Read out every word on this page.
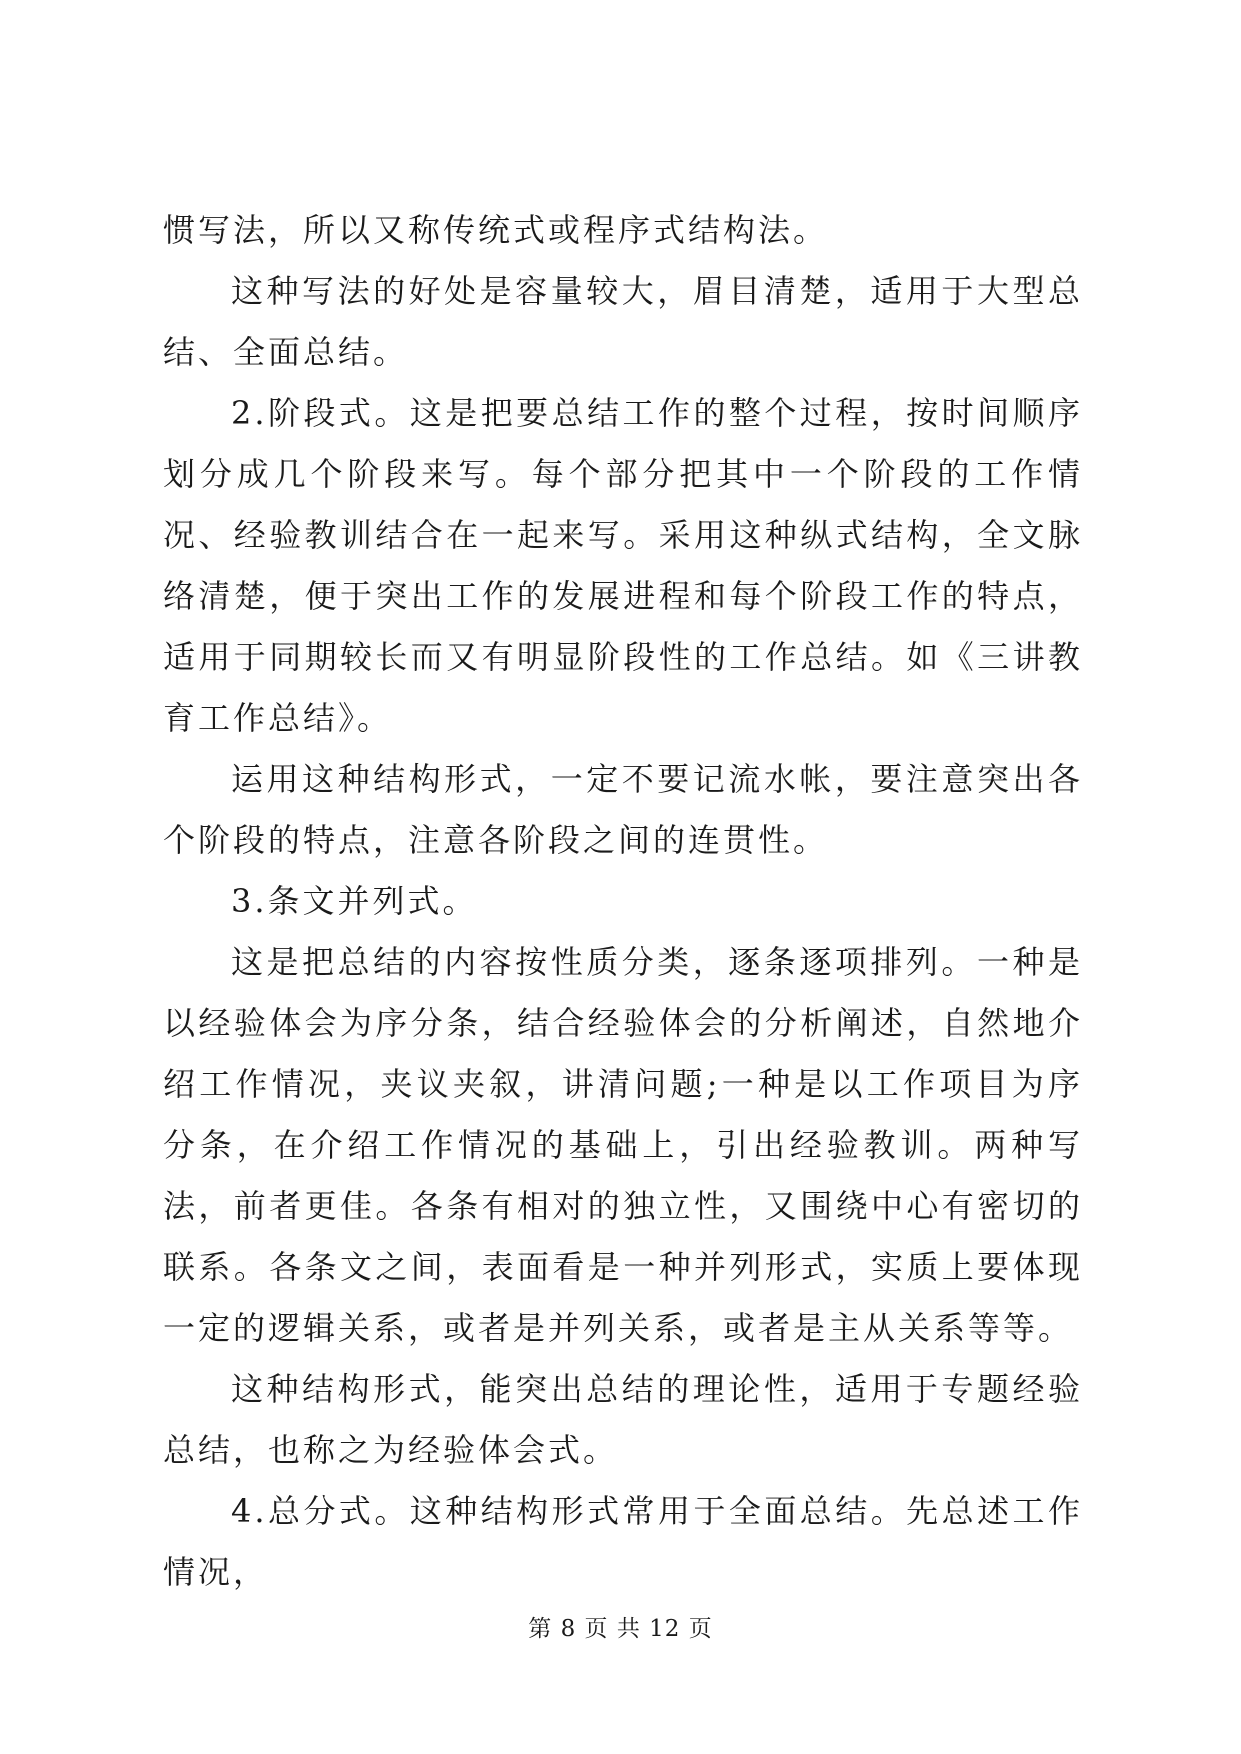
惯写法，所以又称传统式或程序式结构法。

这种写法的好处是容量较大，眉目清楚，适用于大型总结、全面总结。

2.阶段式。这是把要总结工作的整个过程，按时间顺序划分成几个阶段来写。每个部分把其中一个阶段的工作情况、经验教训结合在一起来写。采用这种纵式结构，全文脉络清楚，便于突出工作的发展进程和每个阶段工作的特点，适用于同期较长而又有明显阶段性的工作总结。如《三讲教育工作总结》。

运用这种结构形式，一定不要记流水帐，要注意突出各个阶段的特点，注意各阶段之间的连贯性。

3.条文并列式。

这是把总结的内容按性质分类，逐条逐项排列。一种是以经验体会为序分条，结合经验体会的分析阐述，自然地介绍工作情况，夹议夹叙，讲清问题;一种是以工作项目为序分条，在介绍工作情况的基础上，引出经验教训。两种写法，前者更佳。各条有相对的独立性，又围绕中心有密切的联系。各条文之间，表面看是一种并列形式，实质上要体现一定的逻辑关系，或者是并列关系，或者是主从关系等等。

这种结构形式，能突出总结的理论性，适用于专题经验总结，也称之为经验体会式。

4.总分式。这种结构形式常用于全面总结。先总述工作情况，

第 8 页 共 12 页
